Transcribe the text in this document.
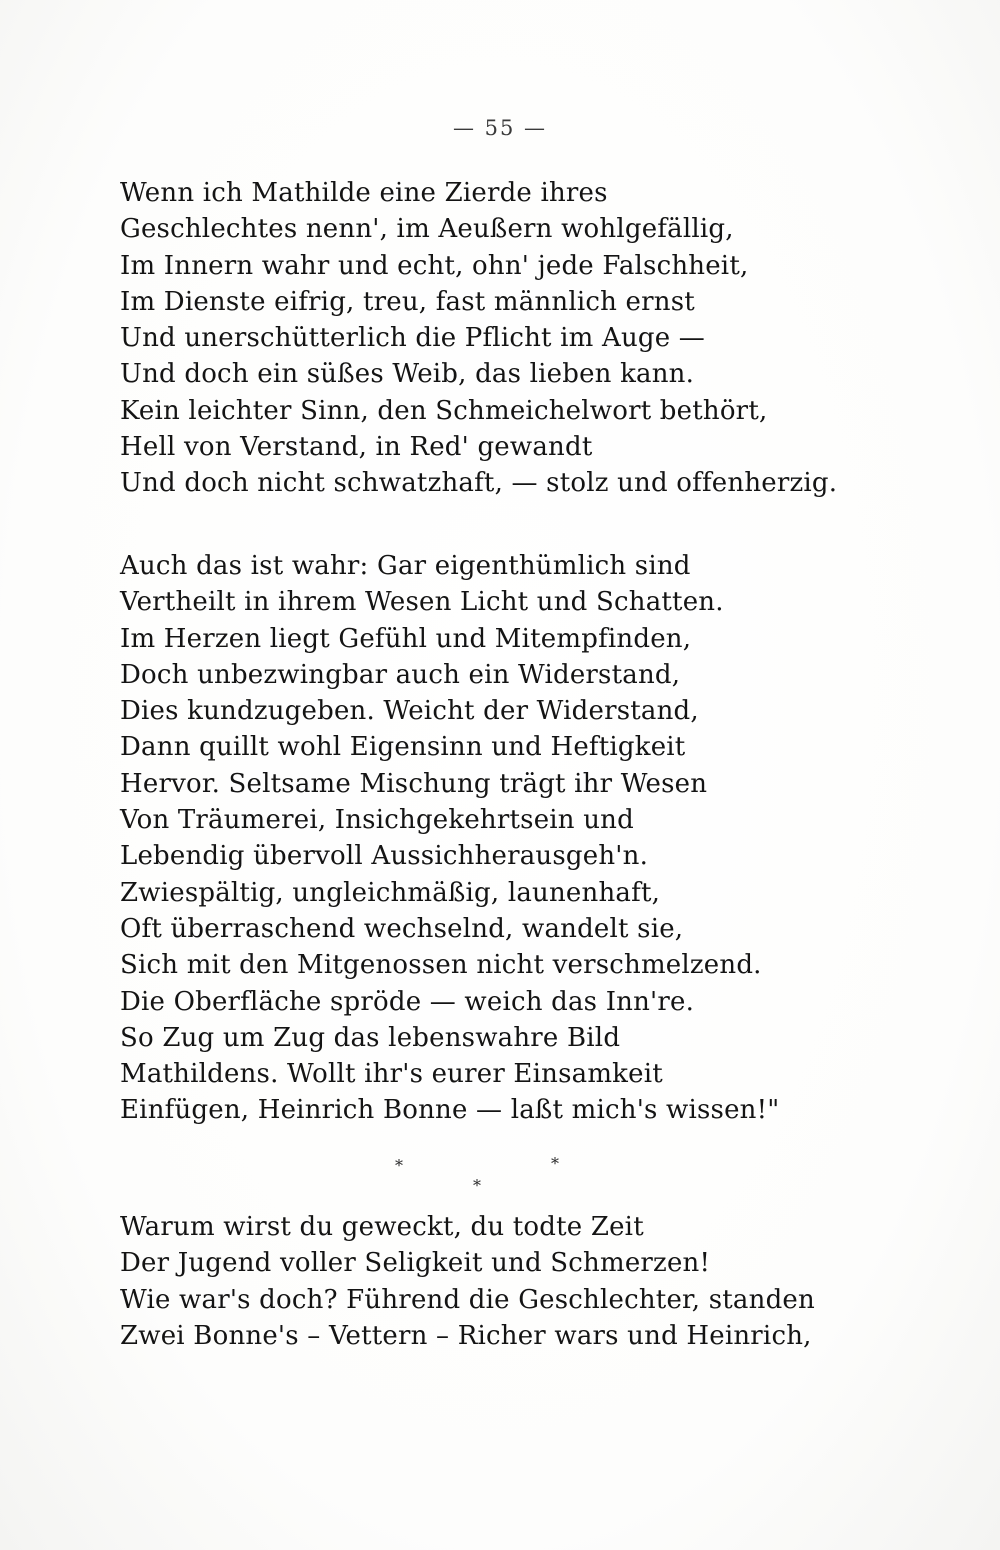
— 55 —
Wenn ich Mathilde eine Zierde ihres
Geschlechtes nenn', im Aeußern wohlgefällig,
Im Innern wahr und echt, ohn' jede Falschheit,
Im Dienste eifrig, treu, fast männlich ernst
Und unerschütterlich die Pflicht im Auge —
Und doch ein süßes Weib, das lieben kann.
Kein leichter Sinn, den Schmeichelwort bethört,
Hell von Verstand, in Red' gewandt
Und doch nicht schwatzhaft, — stolz und offenherzig.
Auch das ist wahr: Gar eigenthümlich sind
Vertheilt in ihrem Wesen Licht und Schatten.
Im Herzen liegt Gefühl und Mitempfinden,
Doch unbezwingbar auch ein Widerstand,
Dies kundzugeben. Weicht der Widerstand,
Dann quillt wohl Eigensinn und Heftigkeit
Hervor. Seltsame Mischung trägt ihr Wesen
Von Träumerei, Insichgekehrtsein und
Lebendig übervoll Aussichherausgeh'n.
Zwiespältig, ungleichmäßig, launenhaft,
Oft überraschend wechselnd, wandelt sie,
Sich mit den Mitgenossen nicht verschmelzend.
Die Oberfläche spröde — weich das Inn're.
So Zug um Zug das lebenswahre Bild
Mathildens. Wollt ihr's eurer Einsamkeit
Einfügen, Heinrich Bonne — laßt mich's wissen!"
*	*
*
Warum wirst du geweckt, du todte Zeit
Der Jugend voller Seligkeit und Schmerzen!
Wie war's doch? Führend die Geschlechter, standen
Zwei Bonne's – Vettern – Richer wars und Heinrich,
